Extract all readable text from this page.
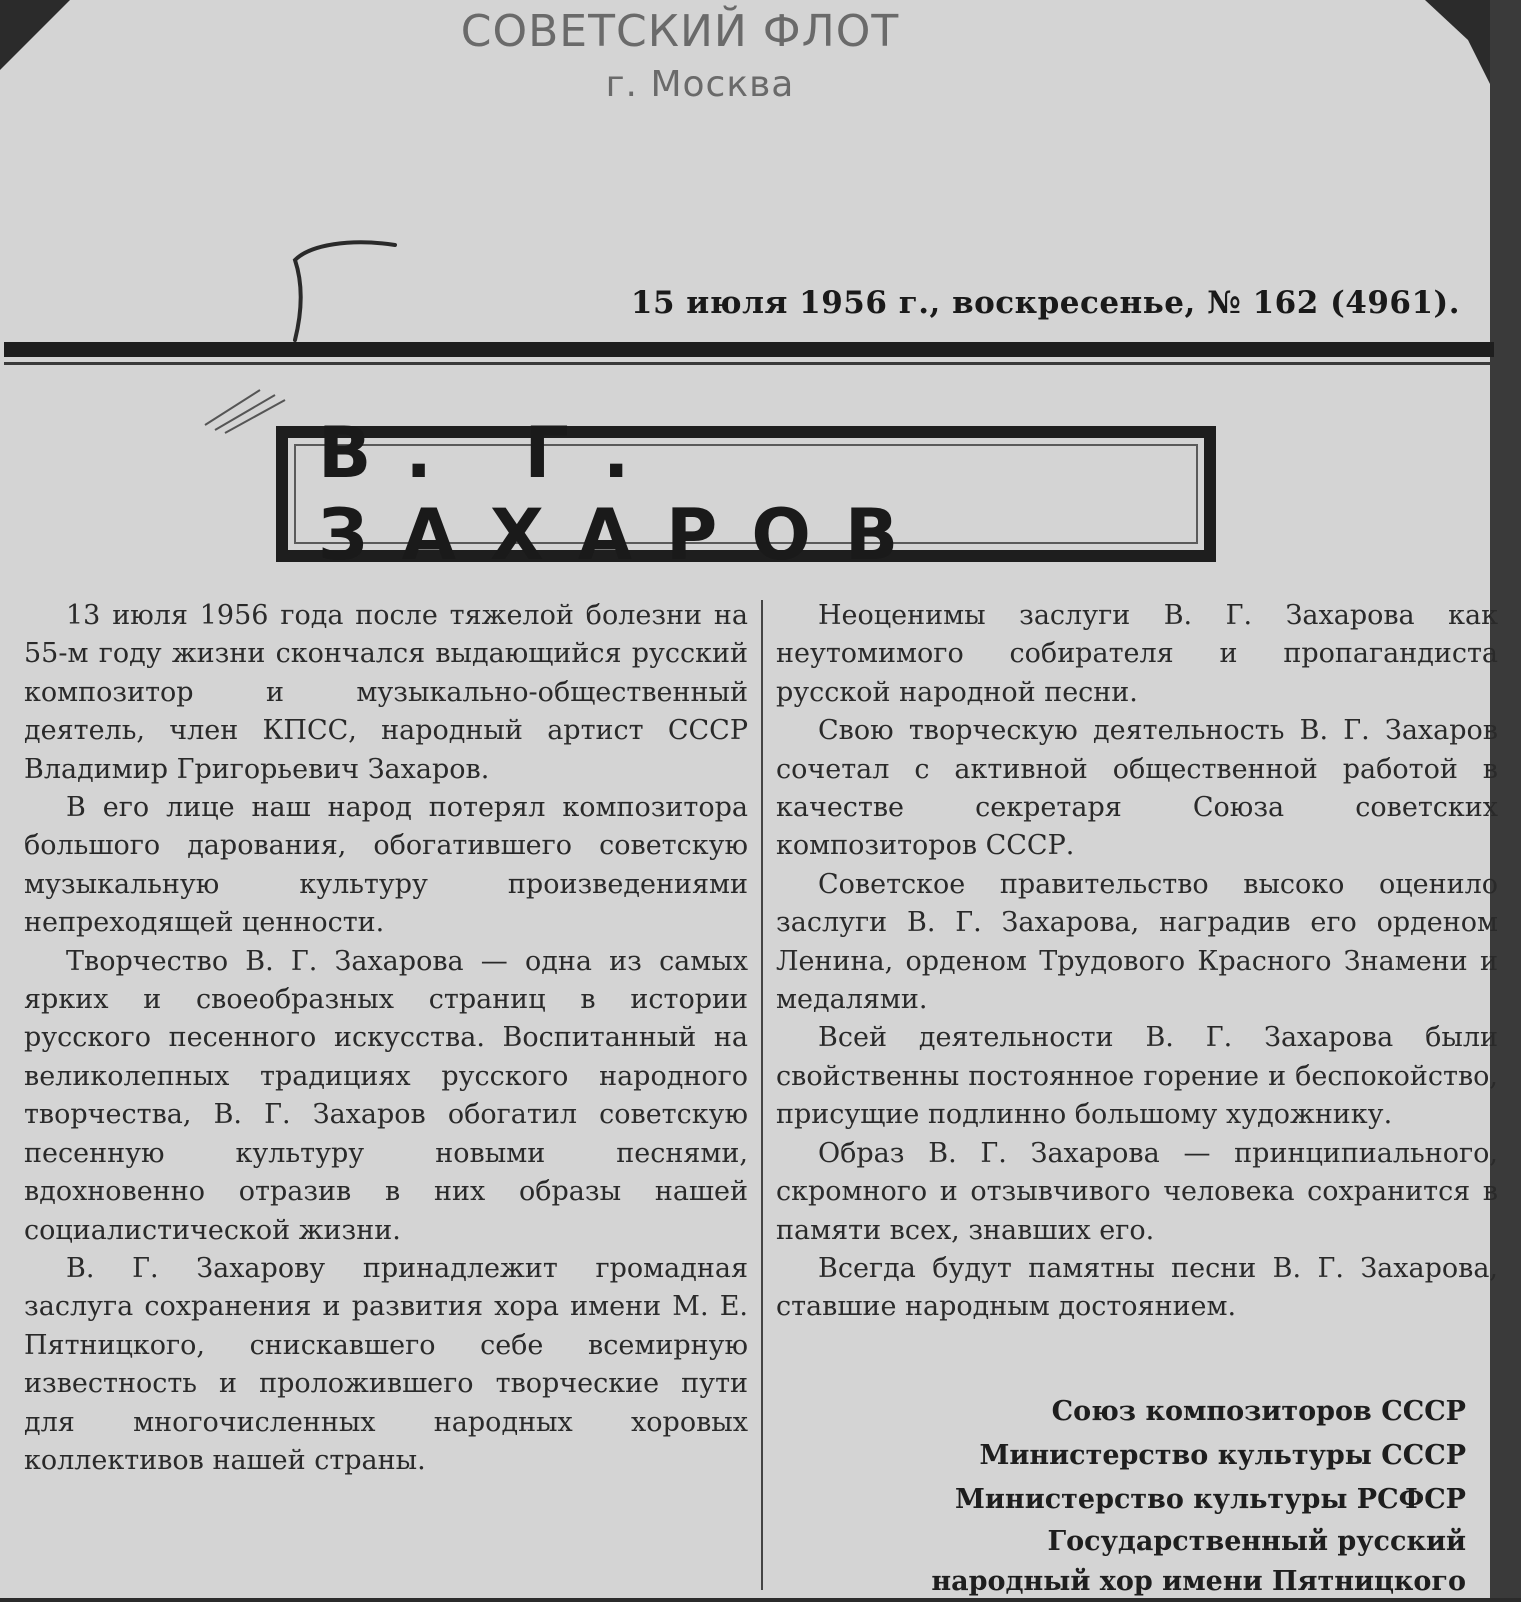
СОВЕТСКИЙ ФЛОТ
г. Москва
15 июля 1956 г., воскресенье, № 162 (4961).
В. Г. ЗАХАРОВ

13 июля 1956 года после тяжелой болезни на 55-м году жизни скончался выдающийся русский композитор и музыкально-общественный деятель, член КПСС, народный артист СССР Владимир Григорьевич Захаров.

В его лице наш народ потерял композитора большого дарования, обогатившего советскую музыкальную культуру произведениями непреходящей ценности.

Творчество В. Г. Захарова — одна из самых ярких и своеобразных страниц в истории русского песенного искусства. Воспитанный на великолепных традициях русского народного творчества, В. Г. Захаров обогатил советскую песенную культуру новыми песнями, вдохновенно отразив в них образы нашей социалистической жизни.

В. Г. Захарову принадлежит громадная заслуга сохранения и развития хора имени М. Е. Пятницкого, снискавшего себе всемирную известность и проложившего творческие пути для многочисленных народных хоровых коллективов нашей страны.

Неоценимы заслуги В. Г. Захарова как неутомимого собирателя и пропагандиста русской народной песни.

Свою творческую деятельность В. Г. Захаров сочетал с активной общественной работой в качестве секретаря Союза советских композиторов СССР.

Советское правительство высоко оценило заслуги В. Г. Захарова, наградив его орденом Ленина, орденом Трудового Красного Знамени и медалями.

Всей деятельности В. Г. Захарова были свойственны постоянное горение и беспокойство, присущие подлинно большому художнику.

Образ В. Г. Захарова — принципиального, скромного и отзывчивого человека сохранится в памяти всех, знавших его.

Всегда будут памятны песни В. Г. Захарова, ставшие народным достоянием.

Союз композиторов СССР
Министерство культуры СССР
Министерство культуры РСФСР
Государственный русский
народный хор имени Пятницкого
